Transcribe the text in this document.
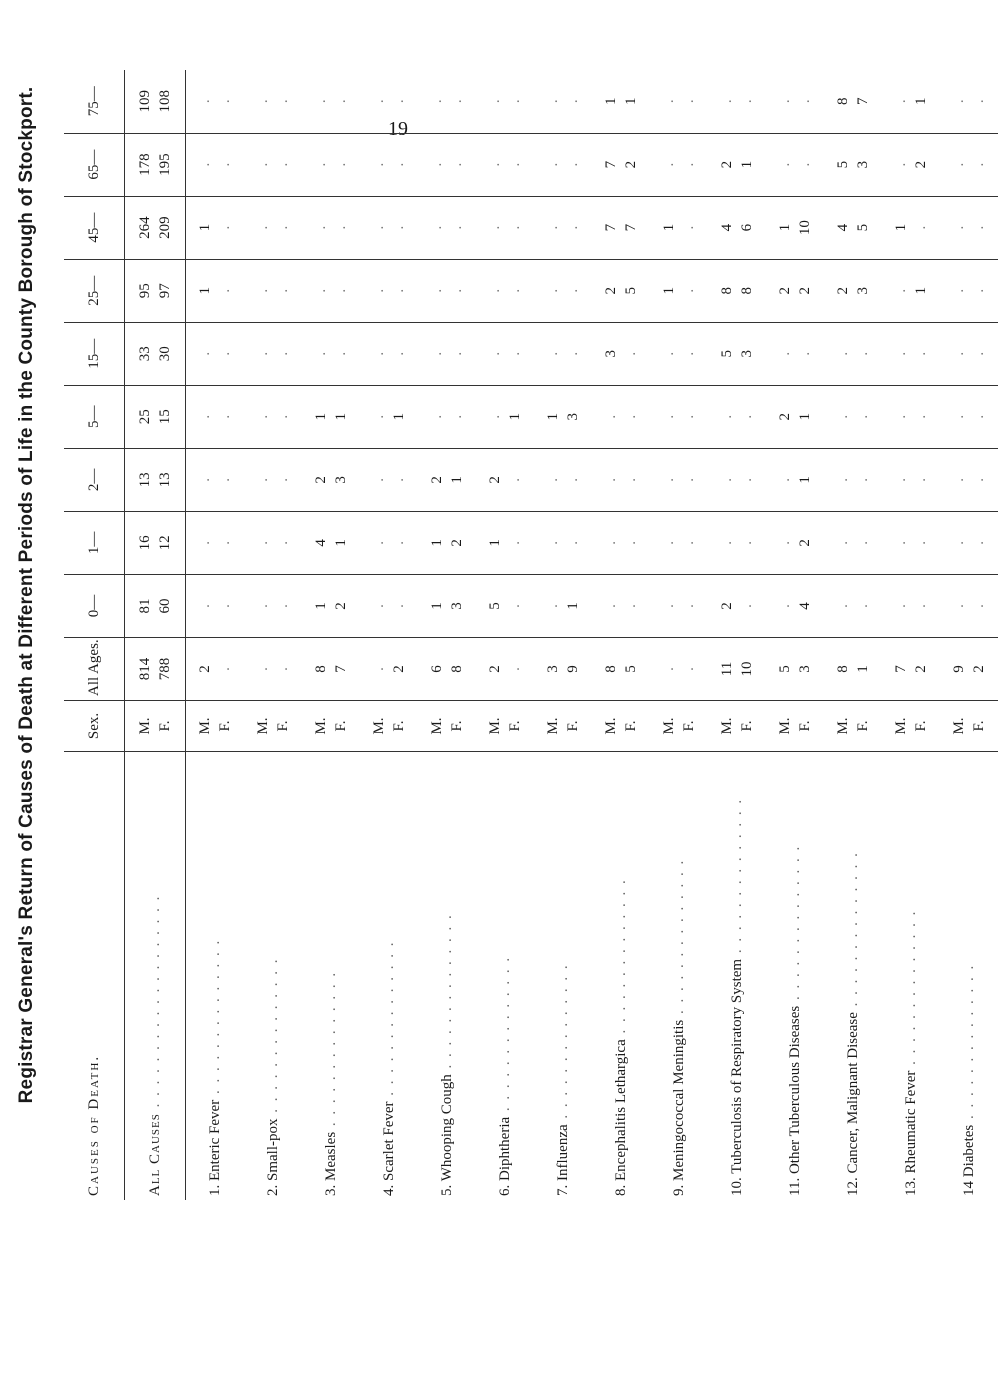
19
Registrar General's Return of Causes of Death at Different Periods of Life in the County Borough of Stockport.
Causes of Death.	Sex.	All Ages.	0—	1—	2—	5—	15—	25—	45—	65—	75—
All Causes . . . . . . . . . . . . . . . . . . .	M. F.	814 788	81 60	16 12	13 13	25 15	33 30	95 97	264 209	178 195	109 108

1. Enteric Fever . . . . . . . . . . . . . .	M. F.	2 .	. .	. .	. .	. .	. .	1 .	1 .	. .	. .

2. Small-pox . . . . . . . . . . . . . .	M. F.	. .	. .	. .	. .	. .	. .	. .	. .	. .	. .

3. Measles . . . . . . . . . . . . . .	M. F.	8 7	1 2	4 1	2 3	1 1	. .	. .	. .	. .	. .

4. Scarlet Fever . . . . . . . . . . . . . .	M. F.	. 2	. .	. .	. .	. 1	. .	. .	. .	. .	. .

5. Whooping Cough . . . . . . . . . . . . . .	M. F.	6 8	1 3	1 2	2 1	. .	. .	. .	. .	. .	. .

6. Diphtheria . . . . . . . . . . . . . .	M. F.	2 .	5 .	1 .	2 .	. 1	. .	. .	. .	. .	. .

7. Influenza . . . . . . . . . . . . . .	M. F.	3 9	. 1	. .	. .	1 3	. .	. .	. .	. .	. .

8. Encephalitis Lethargica . . . . . . . . . . . . . .	M. F.	8 5	. .	. .	. .	. .	3 .	2 5	7 7	7 2	1 1

9. Meningococcal Meningitis . . . . . . . . . . . . . .	M. F.	. .	. .	. .	. .	. .	. .	1 .	1 .	. .	. .

10. Tuberculosis of Respiratory System . . . . . . . . . . . . . .	M. F.	11 10	2 .	. .	. .	. .	5 3	8 8	4 6	2 1	. .

11. Other Tuberculous Diseases . . . . . . . . . . . . . .	M. F.	5 3	. 4	. 2	. 1	2 1	. .	2 2	1 10	. .	. .

12. Cancer, Malignant Disease . . . . . . . . . . . . . .	M. F.	8 1	. .	. .	. .	. .	. .	2 3	4 5	5 3	8 7

13. Rheumatic Fever . . . . . . . . . . . . . .	M. F.	7 2	. .	. .	. .	. .	. .	. 1	1 .	. 2	. 1

14 Diabetes . . . . . . . . . . . . . .	M. F.	9 2	. .	. .	. .	. .	. .	. .	. .	. .	. .
